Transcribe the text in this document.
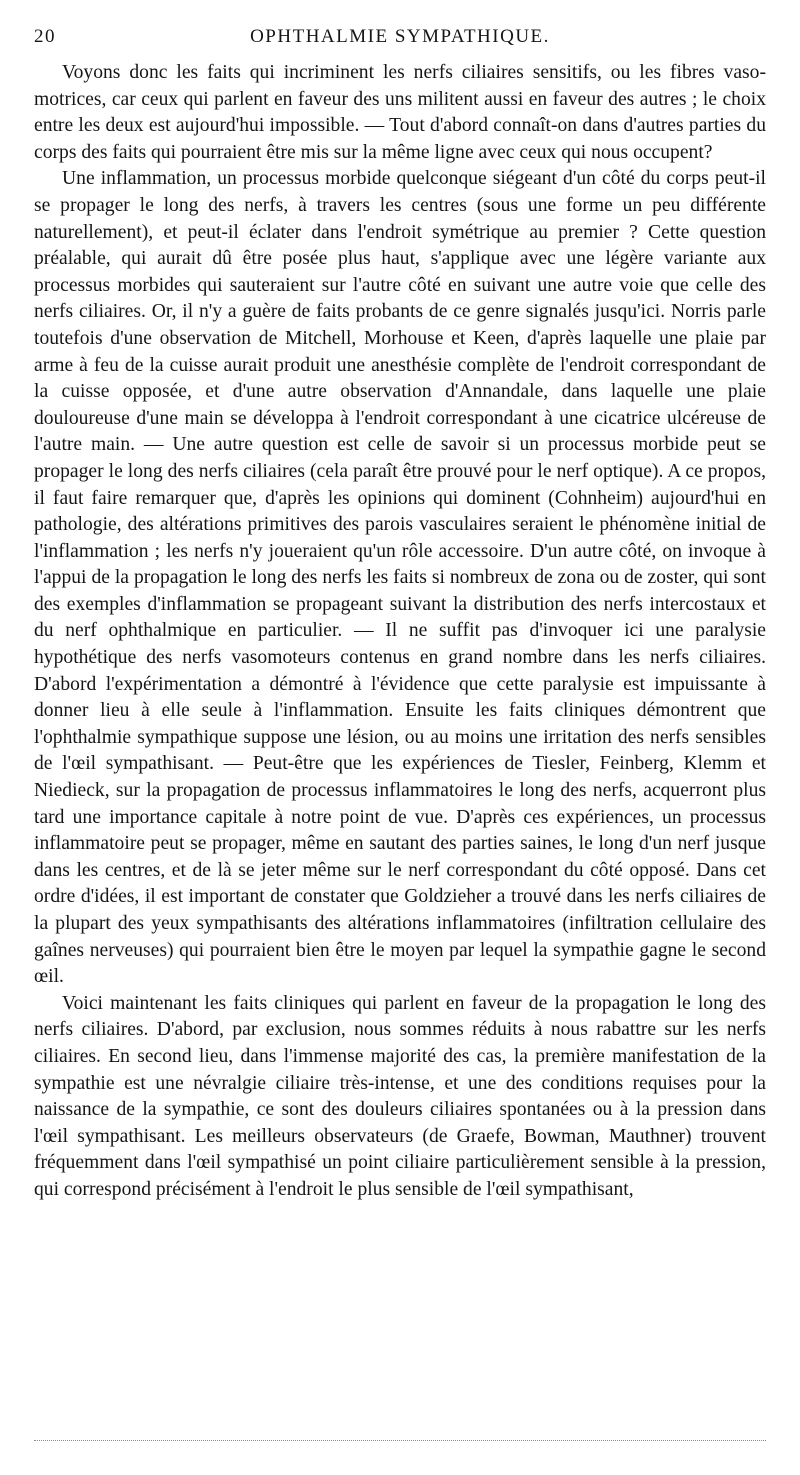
20	OPHTHALMIE SYMPATHIQUE.

Voyons donc les faits qui incriminent les nerfs ciliaires sensitifs, ou les fibres vaso-motrices, car ceux qui parlent en faveur des uns militent aussi en faveur des autres ; le choix entre les deux est aujourd'hui impossible. — Tout d'abord connaît-on dans d'autres parties du corps des faits qui pourraient être mis sur la même ligne avec ceux qui nous occupent?

Une inflammation, un processus morbide quelconque siégeant d'un côté du corps peut-il se propager le long des nerfs, à travers les centres (sous une forme un peu différente naturellement), et peut-il éclater dans l'endroit symétrique au premier ? Cette question préalable, qui aurait dû être posée plus haut, s'applique avec une légère variante aux processus morbides qui sauteraient sur l'autre côté en suivant une autre voie que celle des nerfs ciliaires. Or, il n'y a guère de faits probants de ce genre signalés jusqu'ici. Norris parle toutefois d'une observation de Mitchell, Morhouse et Keen, d'après laquelle une plaie par arme à feu de la cuisse aurait produit une anesthésie complète de l'endroit correspondant de la cuisse opposée, et d'une autre observation d'Annandale, dans laquelle une plaie douloureuse d'une main se développa à l'endroit correspondant à une cicatrice ulcéreuse de l'autre main. — Une autre question est celle de savoir si un processus morbide peut se propager le long des nerfs ciliaires (cela paraît être prouvé pour le nerf optique). A ce propos, il faut faire remarquer que, d'après les opinions qui dominent (Cohnheim) aujourd'hui en pathologie, des altérations primitives des parois vasculaires seraient le phénomène initial de l'inflammation ; les nerfs n'y joueraient qu'un rôle accessoire. D'un autre côté, on invoque à l'appui de la propagation le long des nerfs les faits si nombreux de zona ou de zoster, qui sont des exemples d'inflammation se propageant suivant la distribution des nerfs intercostaux et du nerf ophthalmique en particulier. — Il ne suffit pas d'invoquer ici une paralysie hypothétique des nerfs vasomoteurs contenus en grand nombre dans les nerfs ciliaires. D'abord l'expérimentation a démontré à l'évidence que cette paralysie est impuissante à donner lieu à elle seule à l'inflammation. Ensuite les faits cliniques démontrent que l'ophthalmie sympathique suppose une lésion, ou au moins une irritation des nerfs sensibles de l'œil sympathisant. — Peut-être que les expériences de Tiesler, Feinberg, Klemm et Niedieck, sur la propagation de processus inflammatoires le long des nerfs, acquerront plus tard une importance capitale à notre point de vue. D'après ces expériences, un processus inflammatoire peut se propager, même en sautant des parties saines, le long d'un nerf jusque dans les centres, et de là se jeter même sur le nerf correspondant du côté opposé. Dans cet ordre d'idées, il est important de constater que Goldzieher a trouvé dans les nerfs ciliaires de la plupart des yeux sympathisants des altérations inflammatoires (infiltration cellulaire des gaînes nerveuses) qui pourraient bien être le moyen par lequel la sympathie gagne le second œil.

Voici maintenant les faits cliniques qui parlent en faveur de la propagation le long des nerfs ciliaires. D'abord, par exclusion, nous sommes réduits à nous rabattre sur les nerfs ciliaires. En second lieu, dans l'immense majorité des cas, la première manifestation de la sympathie est une névralgie ciliaire très-intense, et une des conditions requises pour la naissance de la sympathie, ce sont des douleurs ciliaires spontanées ou à la pression dans l'œil sympathisant. Les meilleurs observateurs (de Graefe, Bowman, Mauthner) trouvent fréquemment dans l'œil sympathisé un point ciliaire particulièrement sensible à la pression, qui correspond précisément à l'endroit le plus sensible de l'œil sympathisant,
